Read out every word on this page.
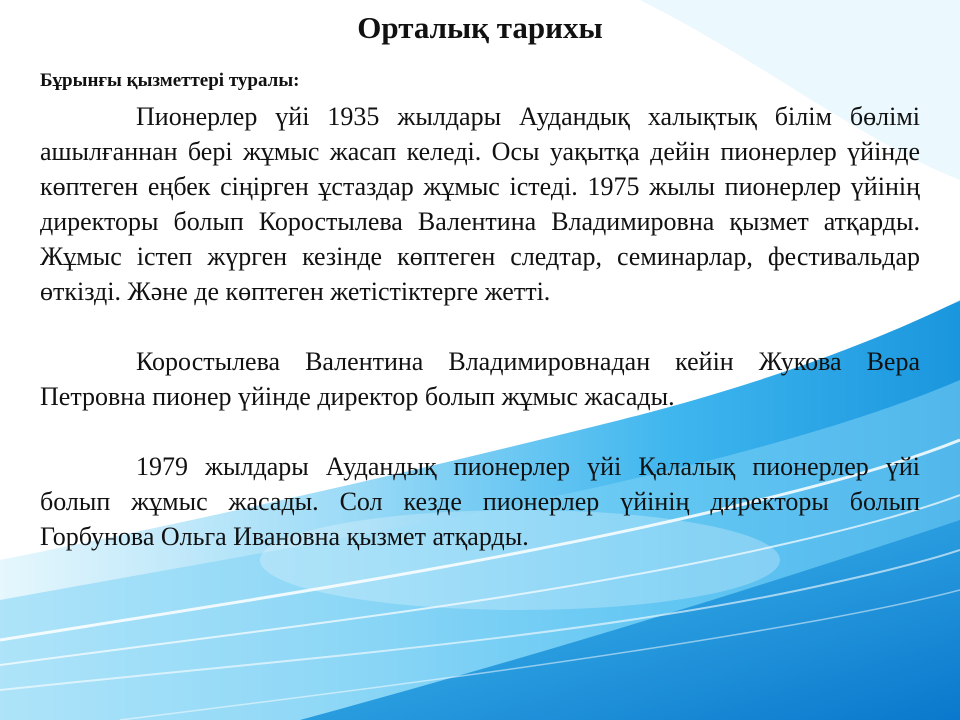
Орталық тарихы
Бұрынғы қызметтері туралы:

Пионерлер үйі 1935 жылдары Аудандық халықтық білім бөлімі ашылғаннан бері жұмыс жасап келеді. Осы уақытқа дейін пионерлер үйінде көптеген еңбек сіңірген ұстаздар жұмыс істеді. 1975 жылы пионерлер үйінің директоры болып Коростылева Валентина Владимировна қызмет атқарды. Жұмыс істеп жүрген кезінде көптеген следтар, семинарлар, фестивальдар өткізді. Және де көптеген жетістіктерге жетті.

Коростылева Валентина Владимировнадан кейін Жукова Вера Петровна пионер үйінде директор болып жұмыс жасады.

1979 жылдары Аудандық пионерлер үйі Қалалық пионерлер үйі болып жұмыс жасады. Сол кезде пионерлер үйінің директоры болып Горбунова Ольга Ивановна қызмет атқарды.
